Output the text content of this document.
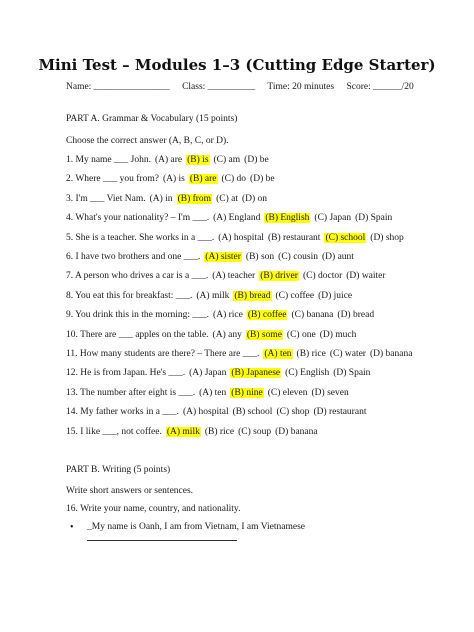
Mini Test – Modules 1–3 (Cutting Edge Starter)
Name: ________________ Class: __________ Time: 20 minutes Score: ______/20
PART A. Grammar & Vocabulary (15 points)
Choose the correct answer (A, B, C, or D).
1. My name ___ John. (A) are (B) is (C) am (D) be
2. Where ___ you from? (A) is (B) are (C) do (D) be
3. I'm ___ Viet Nam. (A) in (B) from (C) at (D) on
4. What's your nationality? – I'm ___. (A) England (B) English (C) Japan (D) Spain
5. She is a teacher. She works in a ___. (A) hospital (B) restaurant (C) school (D) shop
6. I have two brothers and one ___. (A) sister (B) son (C) cousin (D) aunt
7. A person who drives a car is a ___. (A) teacher (B) driver (C) doctor (D) waiter
8. You eat this for breakfast: ___. (A) milk (B) bread (C) coffee (D) juice
9. You drink this in the morning: ___. (A) rice (B) coffee (C) banana (D) bread
10. There are ___ apples on the table. (A) any (B) some (C) one (D) much
11. How many students are there? – There are ___. (A) ten (B) rice (C) water (D) banana
12. He is from Japan. He's ___. (A) Japan (B) Japanese (C) English (D) Spain
13. The number after eight is ___. (A) ten (B) nine (C) eleven (D) seven
14. My father works in a ___. (A) hospital (B) school (C) shop (D) restaurant
15. I like ___, not coffee. (A) milk (B) rice (C) soup (D) banana
PART B. Writing (5 points)
Write short answers or sentences.
16. Write your name, country, and nationality.
• _My name is Oanh, I am from Vietnam, I am Vietnamese
